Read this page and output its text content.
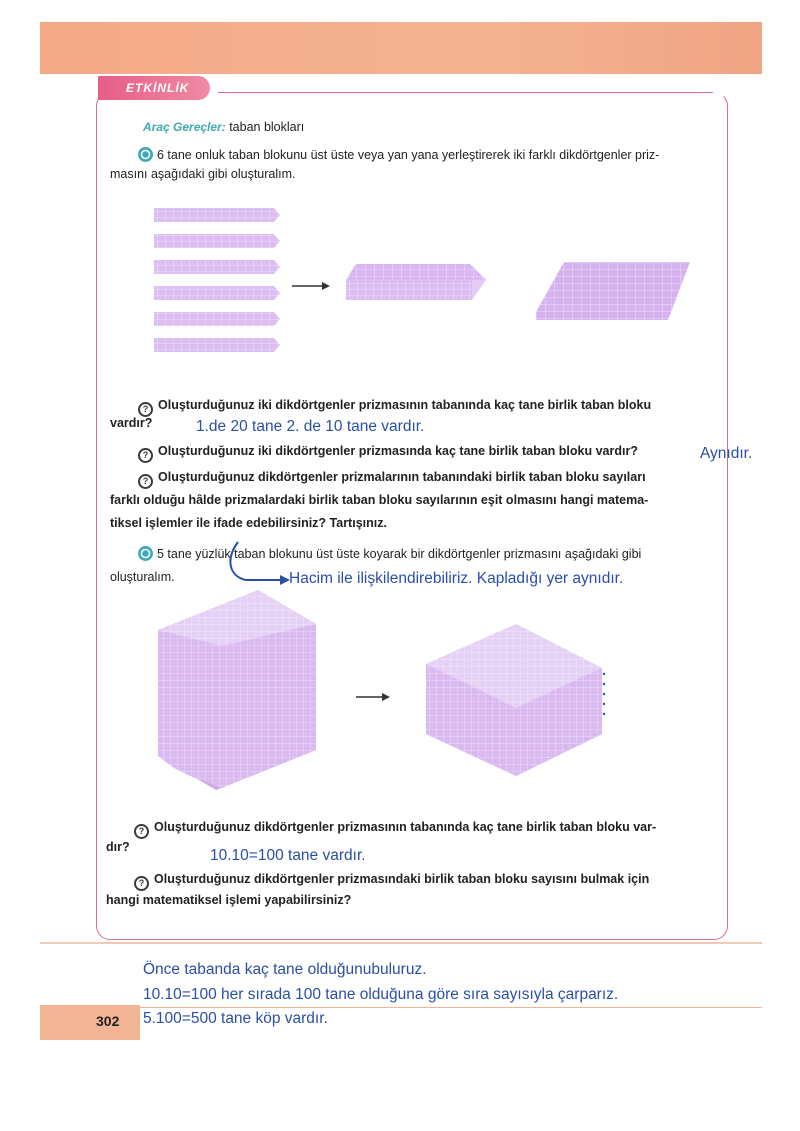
ETKİNLİK
Araç Gereçler: taban blokları
6 tane onluk taban blokunu üst üste veya yan yana yerleştirerek iki farklı dikdörtgenler priz-
masını aşağıdaki gibi oluşturalım.
? Oluşturduğunuz iki dikdörtgenler prizmasının tabanında kaç tane birlik taban bloku
vardır?	1.de 20 tane 2. de 10 tane vardır.
? Oluşturduğunuz iki dikdörtgenler prizmasında kaç tane birlik taban bloku vardır?	Aynıdır.
? Oluşturduğunuz dikdörtgenler prizmalarının tabanındaki birlik taban bloku sayıları
farklı olduğu hâlde prizmalardaki birlik taban bloku sayılarının eşit olmasını hangi matema-
tiksel işlemler ile ifade edebilirsiniz? Tartışınız.
5 tane yüzlük taban blokunu üst üste koyarak bir dikdörtgenler prizmasını aşağıdaki gibi
oluşturalım.	Hacim ile ilişkilendirebiliriz. Kapladığı yer aynıdır.
? Oluşturduğunuz dikdörtgenler prizmasının tabanında kaç tane birlik taban bloku var-
dır?	10.10=100 tane vardır.
? Oluşturduğunuz dikdörtgenler prizmasındaki birlik taban bloku sayısını bulmak için
hangi matematiksel işlemi yapabilirsiniz?
Önce tabanda kaç tane olduğunubuluruz.
10.10=100 her sırada 100 tane olduğuna göre sıra sayısıyla çarparız.
302 5.100=500 tane köp vardır.
